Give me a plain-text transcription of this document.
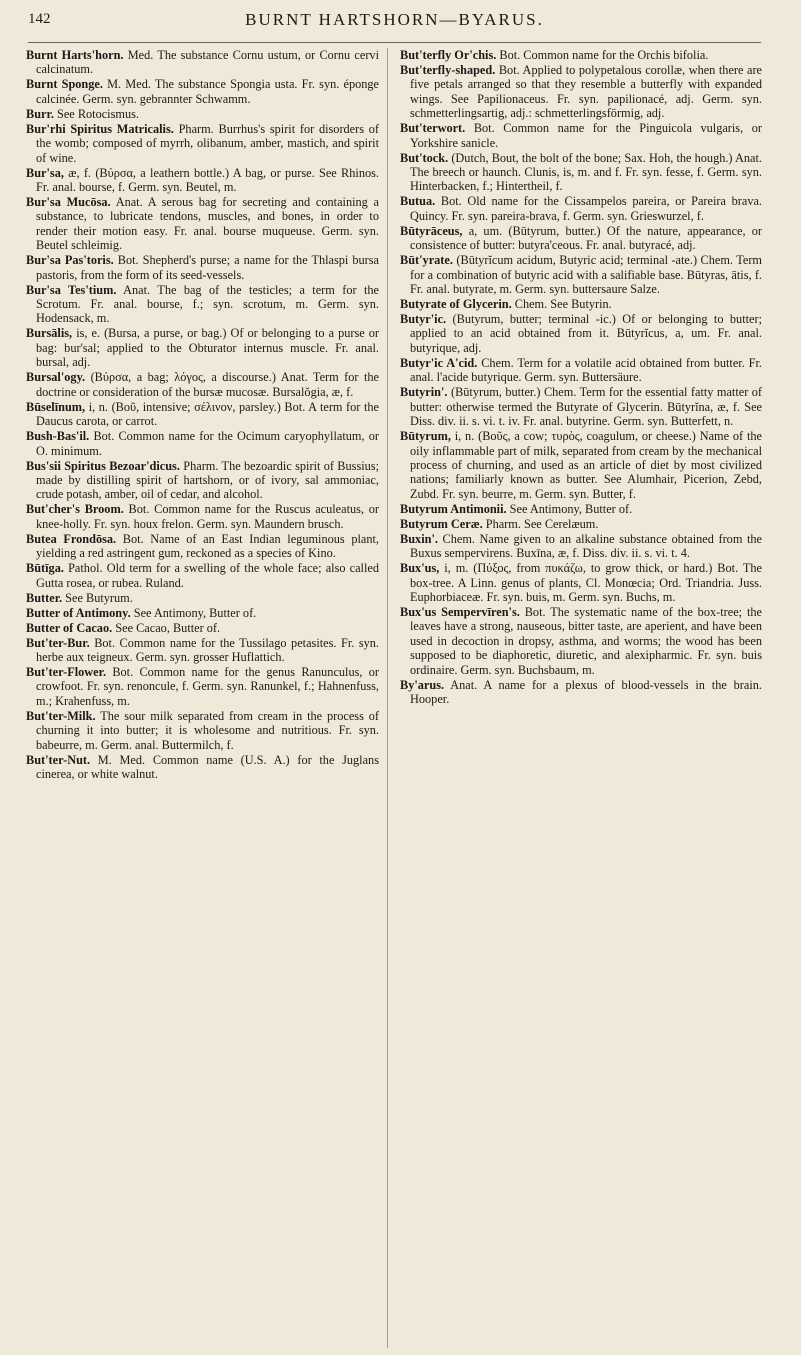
142	BURNT HARTSHORN—BYARUS.

Burnt Harts'horn. Med. The substance Cornu ustum, or Cornu cervi calcinatum.

Burnt Sponge. M. Med. The substance Spongia usta. Fr. syn. éponge calcinée. Germ. syn. gebrannter Schwamm.

Burr. See Rotocismus.

Bur'rhi Spiritus Matricalis. Pharm. Burrhus's spirit for disorders of the womb; composed of myrrh, olibanum, amber, mastich, and spirit of wine.

Bur'sa, æ, f. (Βύρσα, a leathern bottle.) A bag, or purse. See Rhinos. Fr. anal. bourse, f. Germ. syn. Beutel, m.

Bur'sa Mucōsa. Anat. A serous bag for secreting and containing a substance, to lubricate tendons, muscles, and bones, in order to render their motion easy. Fr. anal. bourse muqueuse. Germ. syn. Beutel schleimig.

Bur'sa Pas'toris. Bot. Shepherd's purse; a name for the Thlaspi bursa pastoris, from the form of its seed-vessels.

Bur'sa Tes'tium. Anat. The bag of the testicles; a term for the Scrotum. Fr. anal. bourse, f.; syn. scrotum, m. Germ. syn. Hodensack, m.

Bursālis, is, e. (Bursa, a purse, or bag.) Of or belonging to a purse or bag: bur'sal; applied to the Obturator internus muscle. Fr. anal. bursal, adj.

Bursal'ogy. (Βύρσα, a bag; λόγος, a discourse.) Anat. Term for the doctrine or consideration of the bursæ mucosæ. Bursalŏgia, æ, f.

Būselīnum, i, n. (Βοῦ, intensive; σέλινον, parsley.) Bot. A term for the Daucus carota, or carrot.

Bush-Bas'il. Bot. Common name for the Ocimum caryophyllatum, or O. minimum.

Bus'sii Spiritus Bezoar'dicus. Pharm. The bezoardic spirit of Bussius; made by distilling spirit of hartshorn, or of ivory, sal ammoniac, crude potash, amber, oil of cedar, and alcohol.

But'cher's Broom. Bot. Common name for the Ruscus aculeatus, or knee-holly. Fr. syn. houx frelon. Germ. syn. Maundern brusch.

Butea Frondōsa. Bot. Name of an East Indian leguminous plant, yielding a red astringent gum, reckoned as a species of Kino.

Būtīga. Pathol. Old term for a swelling of the whole face; also called Gutta rosea, or rubea. Ruland.

Butter. See Butyrum.

Butter of Antimony. See Antimony, Butter of.

Butter of Cacao. See Cacao, Butter of.

But'ter-Bur. Bot. Common name for the Tussilago petasites. Fr. syn. herbe aux teigneux. Germ. syn. grosser Huflattich.

But'ter-Flower. Bot. Common name for the genus Ranunculus, or crowfoot. Fr. syn. renoncule, f. Germ. syn. Ranunkel, f.; Hahnenfuss, m.; Krahenfuss, m.

But'ter-Milk. The sour milk separated from cream in the process of churning it into butter; it is wholesome and nutritious. Fr. syn. babeurre, m. Germ. anal. Buttermilch, f.

But'ter-Nut. M. Med. Common name (U.S. A.) for the Juglans cinerea, or white walnut.

But'terfly Or'chis. Bot. Common name for the Orchis bifolia.

But'terfly-shaped. Bot. Applied to polypetalous corollæ, when there are five petals arranged so that they resemble a butterfly with expanded wings. See Papilionaceus. Fr. syn. papilionacé, adj. Germ. syn. schmetterlingsartig, adj.: schmetterlingsförmig, adj.

But'terwort. Bot. Common name for the Pinguicola vulgaris, or Yorkshire sanicle.

But'tock. (Dutch, Bout, the bolt of the bone; Sax. Hoh, the hough.) Anat. The breech or haunch. Clunis, is, m. and f. Fr. syn. fesse, f. Germ. syn. Hinterbacken, f.; Hintertheil, f.

Butua. Bot. Old name for the Cissampelos pareira, or Pareira brava. Quincy. Fr. syn. pareira-brava, f. Germ. syn. Grieswurzel, f.

Būtyrāceus, a, um. (Būtyrum, butter.) Of the nature, appearance, or consistence of butter: butyra'ceous. Fr. anal. butyracé, adj.

Būt'yrate. (Būtyrĭcum acidum, Butyric acid; terminal -ate.) Chem. Term for a combination of butyric acid with a salifiable base. Būtyras, ātis, f. Fr. anal. butyrate, m. Germ. syn. buttersaure Salze.

Butyrate of Glycerin. Chem. See Butyrin.

Butyr'ic. (Butyrum, butter; terminal -ic.) Of or belonging to butter; applied to an acid obtained from it. Būtyrĭcus, a, um. Fr. anal. butyrique, adj.

Butyr'ic A'cid. Chem. Term for a volatile acid obtained from butter. Fr. anal. l'acide butyrique. Germ. syn. Buttersäure.

Butyrin'. (Būtyrum, butter.) Chem. Term for the essential fatty matter of butter: otherwise termed the Butyrate of Glycerin. Būtyrĭna, æ, f. See Diss. div. ii. s. vi. t. iv. Fr. anal. butyrine. Germ. syn. Butterfett, n.

Būtyrum, i, n. (Βοῦς, a cow; τυρὸς, coagulum, or cheese.) Name of the oily inflammable part of milk, separated from cream by the mechanical process of churning, and used as an article of diet by most civilized nations; familiarly known as butter. See Alumhair, Picerion, Zebd, Zubd. Fr. syn. beurre, m. Germ. syn. Butter, f.

Butyrum Antimonii. See Antimony, Butter of.

Butyrum Ceræ. Pharm. See Cerelæum.

Buxin'. Chem. Name given to an alkaline substance obtained from the Buxus sempervirens. Buxīna, æ, f. Diss. div. ii. s. vi. t. 4.

Bux'us, i, m. (Πύξος, from πυκάζω, to grow thick, or hard.) Bot. The box-tree. A Linn. genus of plants, Cl. Monœcia; Ord. Triandria. Juss. Euphorbiaceæ. Fr. syn. buis, m. Germ. syn. Buchs, m.

Bux'us Sempervīren's. Bot. The systematic name of the box-tree; the leaves have a strong, nauseous, bitter taste, are aperient, and have been used in decoction in dropsy, asthma, and worms; the wood has been supposed to be diaphoretic, diuretic, and alexipharmic. Fr. syn. buis ordinaire. Germ. syn. Buchsbaum, m.

By'arus. Anat. A name for a plexus of blood-vessels in the brain. Hooper.
